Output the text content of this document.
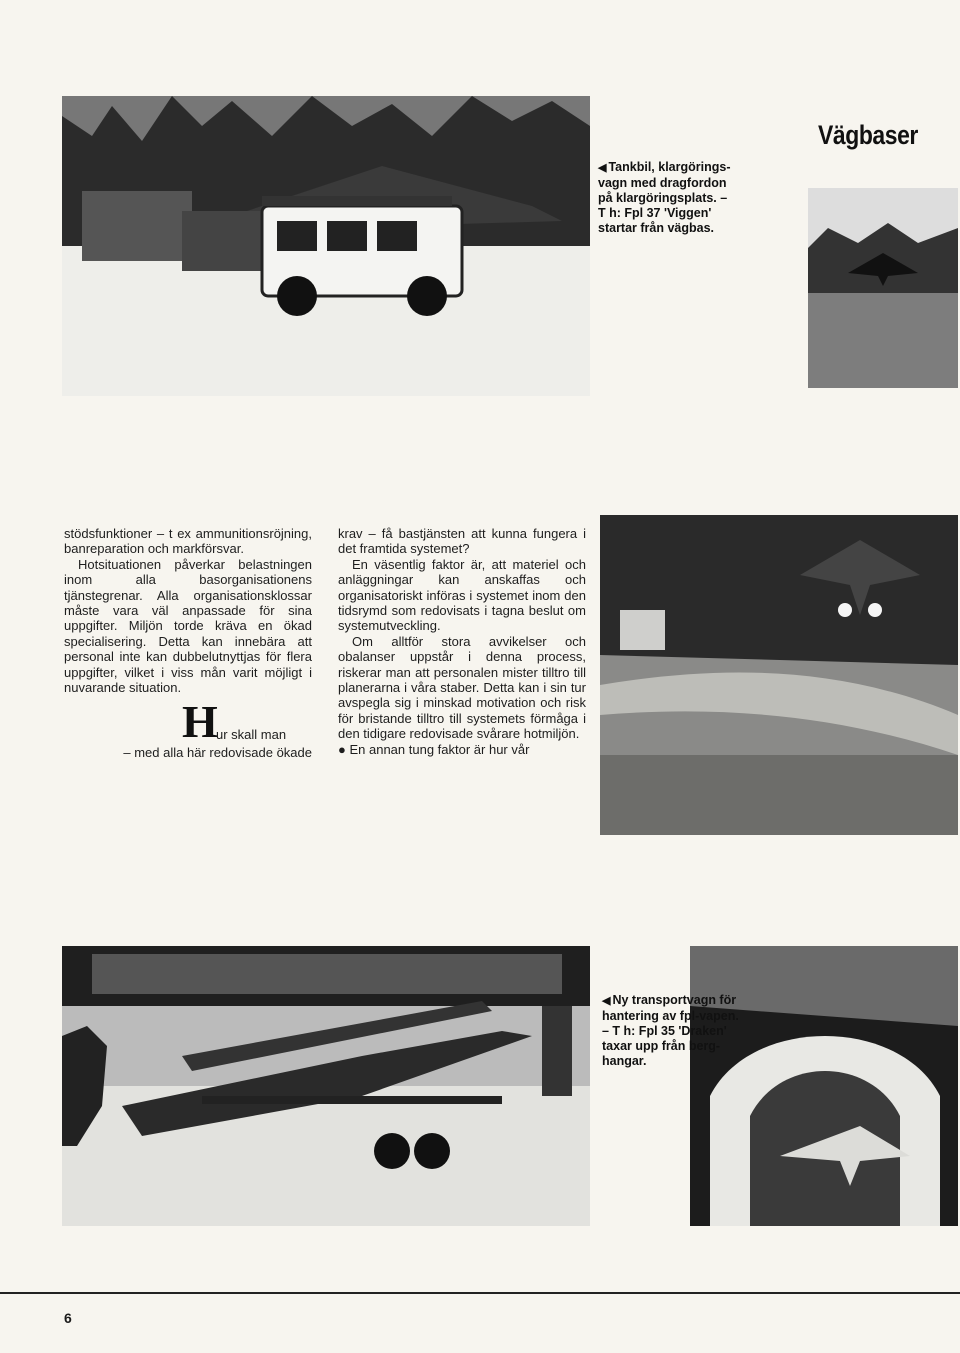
Vägbaser
◀ Tankbil, klargörings-
vagn med dragfordon
på klargöringsplats. –
T h: Fpl 37 'Viggen'
startar från vägbas.

stödsfunktioner – t ex ammunitionsröjning, banreparation och markförsvar.

Hotsituationen påverkar belastningen inom alla basorganisationens tjänstegrenar. Alla organisationsklossar måste vara väl anpassade för sina uppgifter. Miljön torde kräva en ökad specialisering. Detta kan innebära att personal inte kan dubbelutnyttjas för flera uppgifter, vilket i viss mån varit möjligt i nuvarande situation.

H
ur skall man

– med alla här redovisade ökade

krav – få bastjänsten att kunna fungera i det framtida systemet?

En väsentlig faktor är, att materiel och anläggningar kan anskaffas och organisatoriskt införas i systemet inom den tidsrymd som redovisats i tagna beslut om systemutveckling.

Om alltför stora avvikelser och obalanser uppstår i denna process, riskerar man att personalen mister tilltro till planerarna i våra staber. Detta kan i sin tur avspegla sig i minskad motivation och risk för bristande tilltro till systemets förmåga i den tidigare redovisade svårare hotmiljön.

● En annan tung faktor är hur vår

◀ Ny transportvagn för
hantering av fpl-vapen.
– T h: Fpl 35 'Draken'
taxar upp från berg-
hangar.
6
